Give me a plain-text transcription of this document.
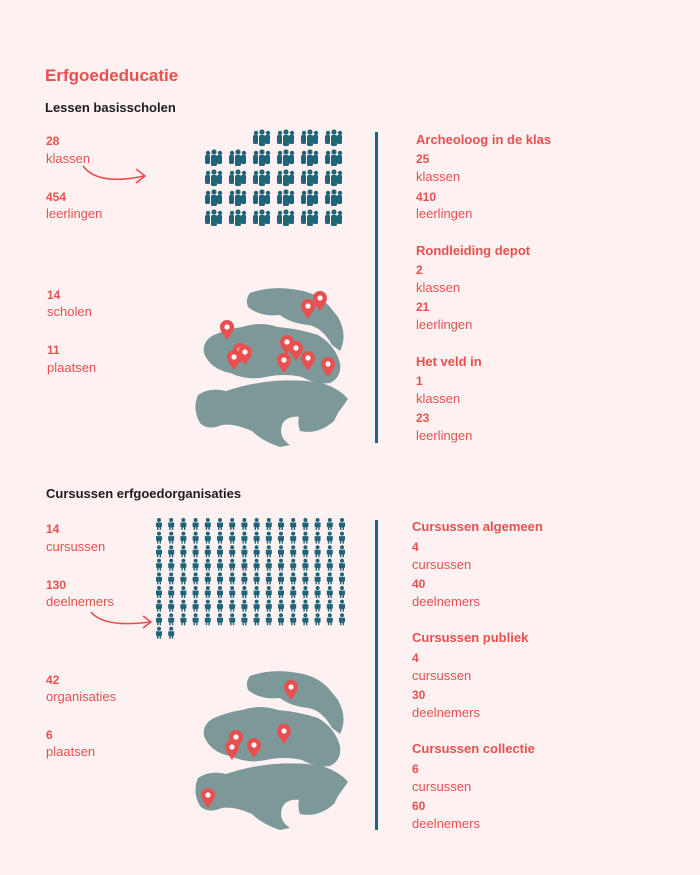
Erfgoededucatie
Lessen basisscholen
28
klassen
454
leerlingen
14
scholen
11
plaatsen
Archeoloog in de klas
25
klassen
410
leerlingen
Rondleiding depot
2
klassen
21
leerlingen
Het veld in
1
klassen
23
leerlingen
Cursussen erfgoedorganisaties
14
cursussen
130
deelnemers
42
organisaties
6
plaatsen
Cursussen algemeen
4
cursussen
40
deelnemers
Cursussen publiek
4
cursussen
30
deelnemers
Cursussen collectie
6
cursussen
60
deelnemers
